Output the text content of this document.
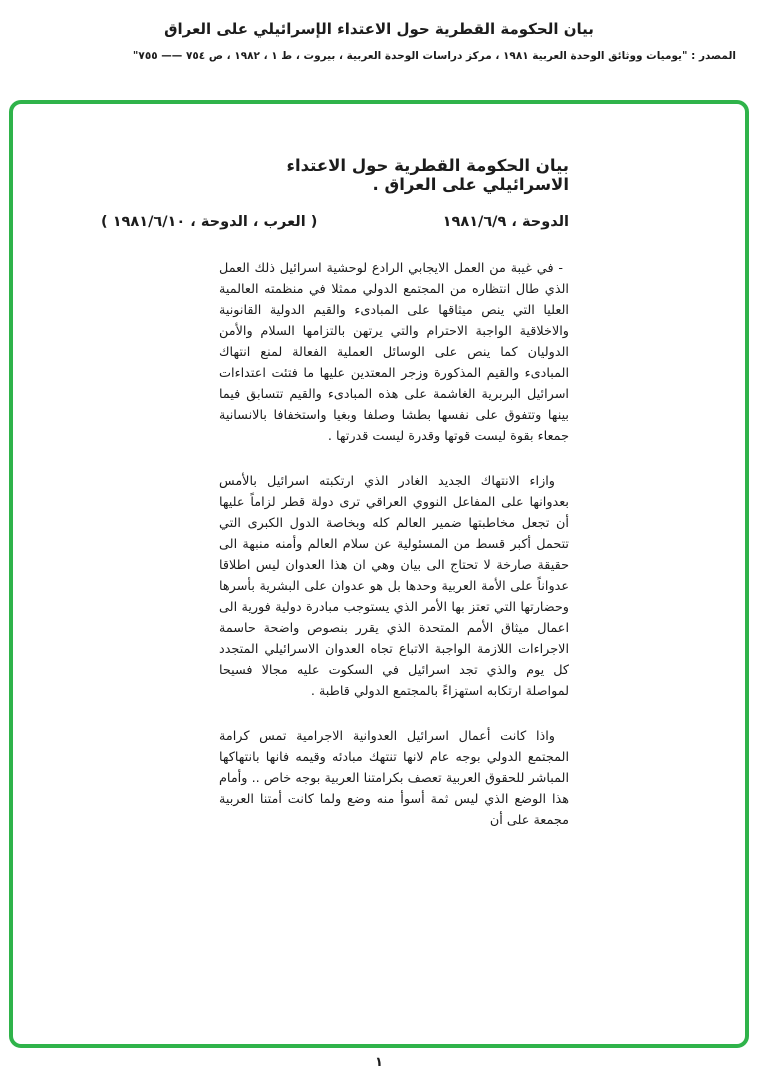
بيان الحكومة القطرية حول الاعتداء الإسرائيلي على العراق
المصدر : "يوميات ووثائق الوحدة العربية ١٩٨١ ، مركز دراسات الوحدة العربية ، بيروت ، ط ١ ، ١٩٨٢ ، ص ٧٥٤ —— ٧٥٥"
بيان الحكومة القطرية حول الاعتداء الاسرائيلي على العراق .
الدوحة ، ١٩٨١/٦/٩
( العرب ، الدوحة ، ١٩٨١/٦/١٠ )

- في غيبة من العمل الايجابي الرادع لوحشية اسرائيل ذلك العمل الذي طال انتظاره من المجتمع الدولي ممثلا في منظمته العالمية العليا التي ينص ميثاقها على المبادىء والقيم الدولية القانونية والاخلاقية الواجبة الاحترام والتي يرتهن بالتزامها السلام والأمن الدوليان كما ينص على الوسائل العملية الفعالة لمنع انتهاك المبادىء والقيم المذكورة وزجر المعتدين عليها ما فتئت اعتداءات اسرائيل البربرية الغاشمة على هذه المبادىء والقيم تتسابق فيما بينها وتتفوق على نفسها بطشا وصلفا وبغيا واستخفافا بالانسانية جمعاء بقوة ليست قوتها وقدرة ليست قدرتها .

وازاء الانتهاك الجديد الغادر الذي ارتكبته اسرائيل بالأمس بعدوانها على المفاعل النووي العراقي ترى دولة قطر لزاماً عليها أن تجعل مخاطبتها ضمير العالم كله وبخاصة الدول الكبرى التي تتحمل أكبر قسط من المسئولية عن سلام العالم وأمنه منبهة الى حقيقة صارخة لا تحتاج الى بيان وهي ان هذا العدوان ليس اطلاقا عدواناً على الأمة العربية وحدها بل هو عدوان على البشرية بأسرها وحضارتها التي تعتز بها الأمر الذي يستوجب مبادرة دولية فورية الى اعمال ميثاق الأمم المتحدة الذي يقرر بنصوص واضحة حاسمة الاجراءات اللازمة الواجبة الاتباع تجاه العدوان الاسرائيلي المتجدد كل يوم والذي تجد اسرائيل في السكوت عليه مجالا فسيحا لمواصلة ارتكابه استهزاءً بالمجتمع الدولي قاطبة .

واذا كانت أعمال اسرائيل العدوانية الاجرامية تمس كرامة المجتمع الدولي بوجه عام لانها تنتهك مبادئه وقيمه فانها بانتهاكها المباشر للحقوق العربية تعصف بكرامتنا العربية بوجه خاص .. وأمام هذا الوضع الذي ليس ثمة أسوأ منه وضع ولما كانت أمتنا العربية مجمعة على أن

١
